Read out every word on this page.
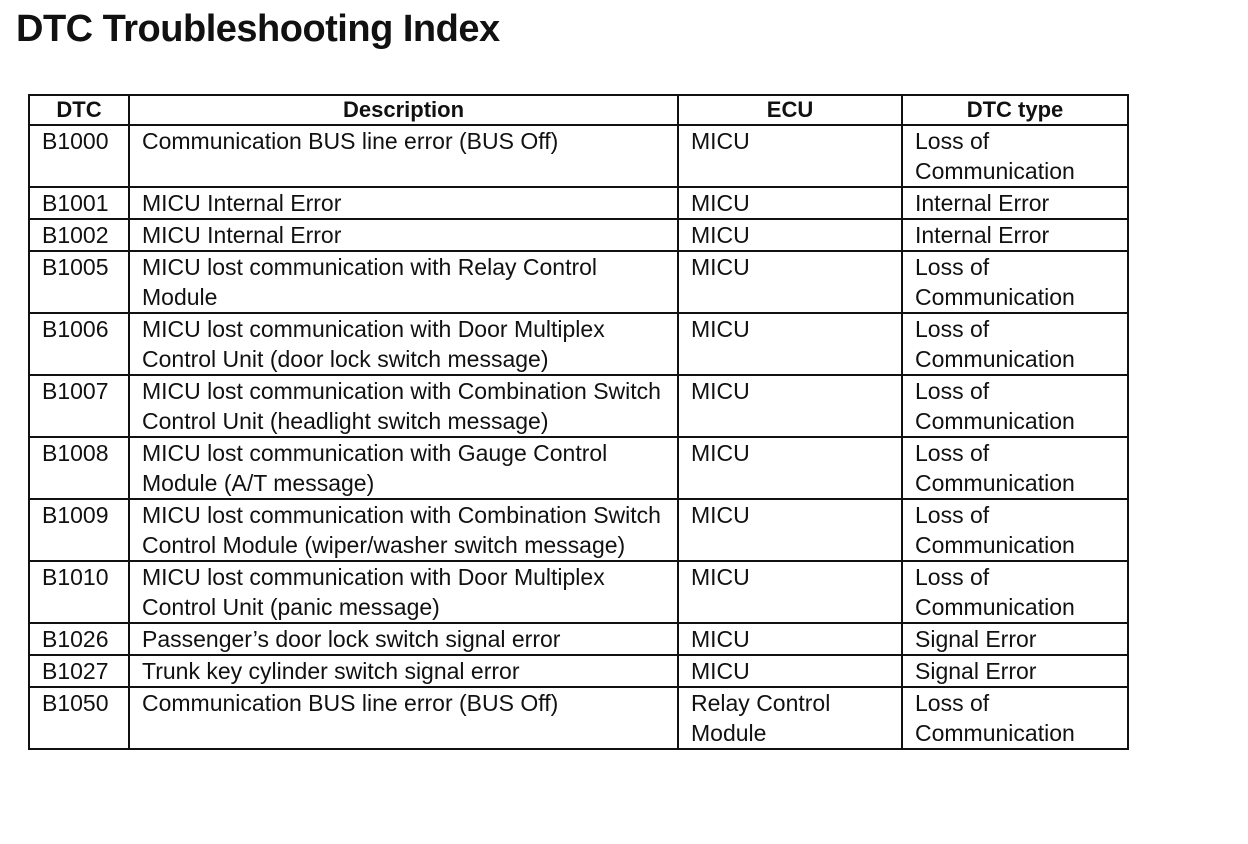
DTC Troubleshooting Index
DTC	Description	ECU	DTC type
B1000	Communication BUS line error (BUS Off)	MICU	Loss of Communication
B1001	MICU Internal Error	MICU	Internal Error
B1002	MICU Internal Error	MICU	Internal Error
B1005	MICU lost communication with Relay Control Module	MICU	Loss of Communication
B1006	MICU lost communication with Door Multiplex Control Unit (door lock switch message)	MICU	Loss of Communication
B1007	MICU lost communication with Combination Switch Control Unit (headlight switch message)	MICU	Loss of Communication
B1008	MICU lost communication with Gauge Control Module (A/T message)	MICU	Loss of Communication
B1009	MICU lost communication with Combination Switch Control Module (wiper/washer switch message)	MICU	Loss of Communication
B1010	MICU lost communication with Door Multiplex Control Unit (panic message)	MICU	Loss of Communication
B1026	Passenger’s door lock switch signal error	MICU	Signal Error
B1027	Trunk key cylinder switch signal error	MICU	Signal Error
B1050	Communication BUS line error (BUS Off)	Relay Control Module	Loss of Communication
